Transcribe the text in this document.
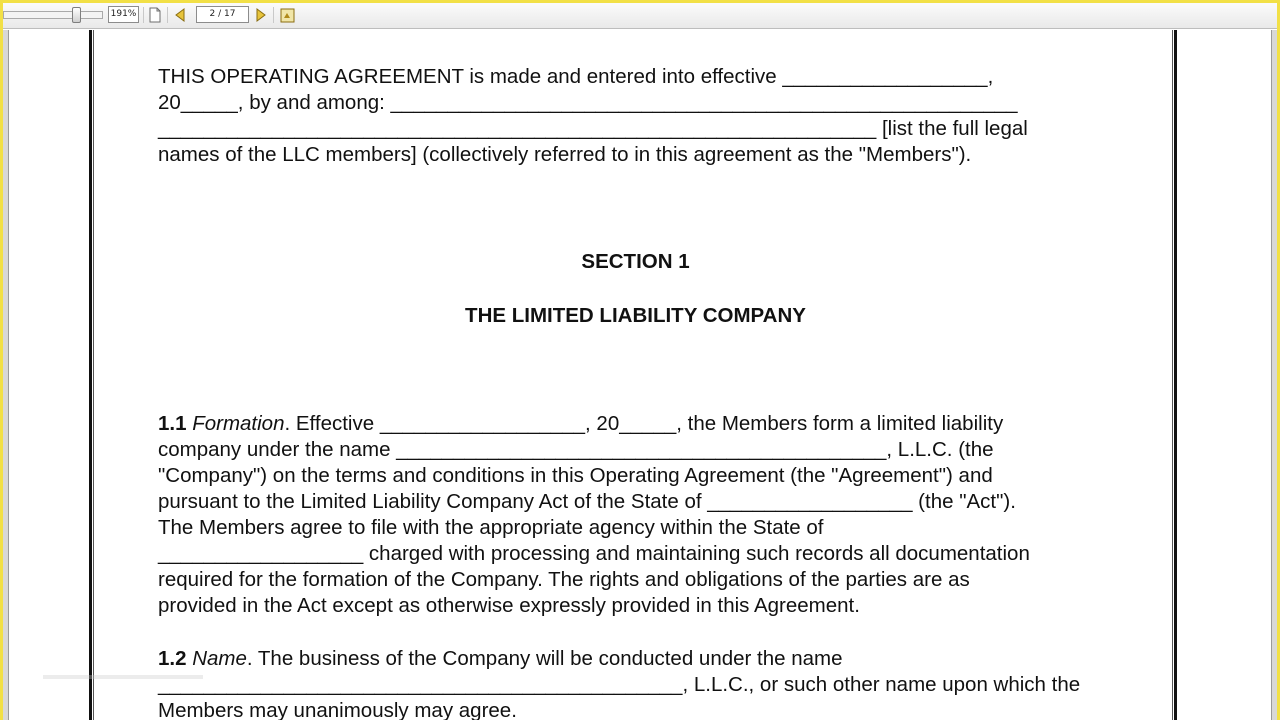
191%	2 / 17

THIS OPERATING AGREEMENT is made and entered into effective __________________,

20_____, by and among: _______________________________________________________

_______________________________________________________________ [list the full legal

names of the LLC members] (collectively referred to in this agreement as the "Members").

SECTION 1

THE LIMITED LIABILITY COMPANY

1.1 Formation. Effective __________________, 20_____, the Members form a limited liability

company under the name ___________________________________________, L.L.C. (the

"Company") on the terms and conditions in this Operating Agreement (the "Agreement") and

pursuant to the Limited Liability Company Act of the State of __________________ (the "Act").

The Members agree to file with the appropriate agency within the State of

__________________ charged with processing and maintaining such records all documentation

required for the formation of the Company. The rights and obligations of the parties are as

provided in the Act except as otherwise expressly provided in this Agreement.

1.2 Name. The business of the Company will be conducted under the name

______________________________________________, L.L.C., or such other name upon which the

Members may unanimously may agree.
